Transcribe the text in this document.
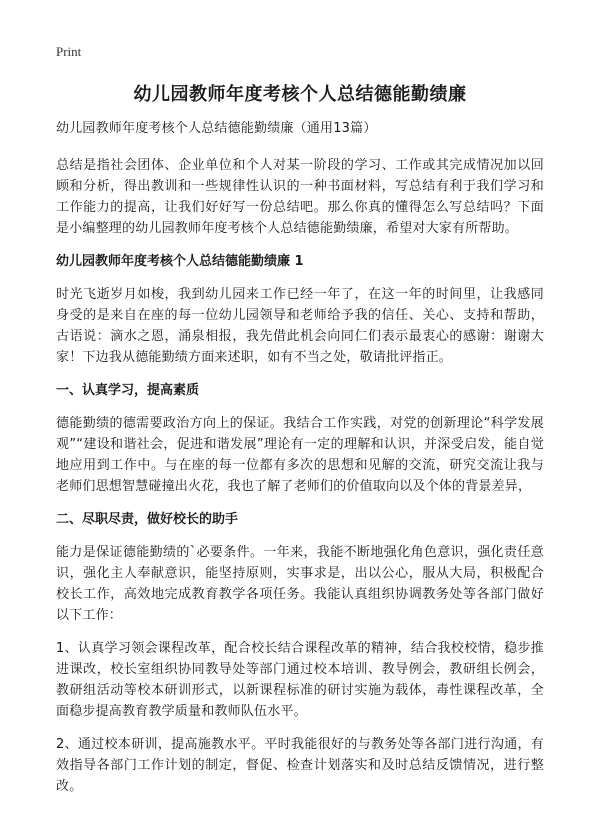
Print
幼儿园教师年度考核个人总结德能勤绩廉

幼儿园教师年度考核个人总结德能勤绩廉（通用13篇）

总结是指社会团体、企业单位和个人对某一阶段的学习、工作或其完成情况加以回顾和分析，得出教训和一些规律性认识的一种书面材料，写总结有利于我们学习和工作能力的提高，让我们好好写一份总结吧。那么你真的懂得怎么写总结吗？下面是小编整理的幼儿园教师年度考核个人总结德能勤绩廉，希望对大家有所帮助。

幼儿园教师年度考核个人总结德能勤绩廉 1

时光飞逝岁月如梭，我到幼儿园来工作已经一年了，在这一年的时间里，让我感同身受的是来自在座的每一位幼儿园领导和老师给予我的信任、关心、支持和帮助，古语说：滴水之恩，涌泉相报，我先借此机会向同仁们表示最衷心的感谢：谢谢大家！下边我从德能勤绩方面来述职，如有不当之处，敬请批评指正。

一、认真学习，提高素质

德能勤绩的德需要政治方向上的保证。我结合工作实践，对党的创新理论“科学发展观”“建设和谐社会，促进和谐发展”理论有一定的理解和认识，并深受启发，能自觉地应用到工作中。与在座的每一位都有多次的思想和见解的交流，研究交流让我与老师们思想智慧碰撞出火花，我也了解了老师们的价值取向以及个体的背景差异，

二、尽职尽责，做好校长的助手

能力是保证德能勤绩的`必要条件。一年来，我能不断地强化角色意识，强化责任意识，强化主人奉献意识，能坚持原则，实事求是，出以公心，服从大局，积极配合校长工作，高效地完成教育教学各项任务。我能认真组织协调教务处等各部门做好以下工作：

1、认真学习领会课程改革，配合校长结合课程改革的精神，结合我校校情，稳步推进课改，校长室组织协同教导处等部门通过校本培训、教导例会，教研组长例会，教研组活动等校本研训形式，以新课程标准的研讨实施为载体，毒性课程改革，全面稳步提高教育教学质量和教师队伍水平。

2、通过校本研训，提高施教水平。平时我能很好的与教务处等各部门进行沟通，有效指导各部门工作计划的制定，督促、检查计划落实和及时总结反馈情况，进行整改。
